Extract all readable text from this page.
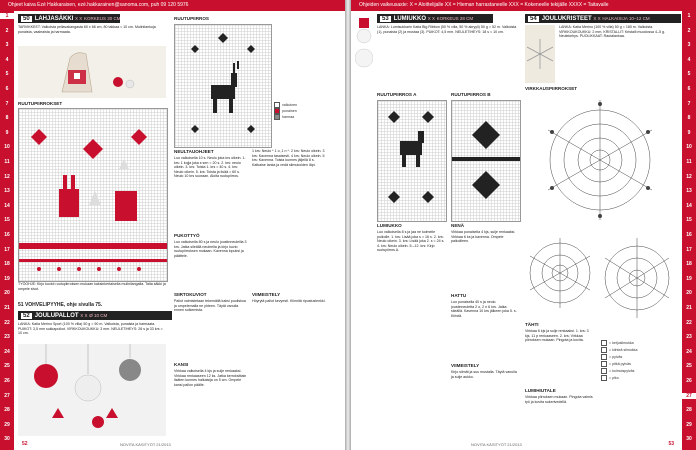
Ohjeet kaiva Ezé Hakkaraisen, ezé.hakkarainen@sanoma.com, puh 09 120 5976
1
2
3
4
5
6
7
8
9
10
11
12
13
14
15
16
17
18
19
20
21
22
23
24
25
26
27
28
29
30
50 LAHJASÄKKI X X KORKEUS 30 CM
TARVIKKEET: Valkoista pellavakangasta 60 x 66 cm, 80 takkaa = 10 cm. Mulinilankoja punaista, vaaleaista ja harmaata.
RUUTUPIIRROKSET
TYÖOHJE: Kirjo kuviot ruutupiirroksen mukaan kaksinkertaisella mulinilangalla. Taita säkki ja ompele sivut.
51 VOHVELIPYYHE, ohje sivulla 75.
52 JOULUPALLOT X X Ø 10 CM
LANKA: Katia Merino Sport (100 % villa) 50 g = 90 m. Valkoista, punaista ja harmaata. PUIKOT: 3,5 mm sukkapuikot. VIRKKOUKOUKKU: 3 mm. NEULETIHEYS: 26 s ja 33 krs = 10 cm.
RUUTUPIIRROS
valkoinen
punainen
harmaa
NEULTAUOHJEET
Luo valkoisella 10 s. Neulo joka krs oikein. 1. krs: 1 kojja joka s sen = 20 s. 2. krs: neulo oikein. 3. krs: Toista 1. krs = 40 s. 4. krs: Neulo oikein. 5. krs: Toista ja lisää = 60 s. Neulo 10 krs suoraan. Aloita ruutupiirros.
PUKOTTYÖ
Luo valkoisella 80 s ja neulo joustinneuleilla 3 krs. Jatka sileällä neuleella ja kirjo kuvio ruutupiirroksen mukaan. Kavenna lopuksi ja päättele.
SIIRTOKUVIOT
Pallot valmistetaan tekemällä kaksi puoliskoa ja ompelemalla ne yhteen. Täytä vanulla ennen sulkemista.
KANSI
Virkkaa valkoisella 4 kjs ja sulje renkaaksi. Virkkaa renkaaseen 12 ks. Jatka kerroksittain lisäten kunnes halkaisija on 5 cm. Ompele kansi pallon päälle.
1 krs: Neulo * 1 o, 1 n *. 2 krs: Neulo oikein. 3 krs: Kavenna tasaisesti. 4 krs: Neulo oikein. 5 krs: Kavenna. Toista kunnes jäljellä 8 s. Katkaise lanka ja vedä silmukoiden läpi.
VIIMEISTELY
Höyrytä pallot kevyesti. Kiinnitä ripustuslenkki.
NOVITA KÄSITYÖT 21/2013
52
Ohjeiden vaikeusaste: X = Aloittelijalle XX = Hieman harrastaneelle XXX = Kokeneelle tekijälle XXXX = Taitavalle
1
2
3
4
5
6
7
8
9
10
11
12
13
14
15
16
17
18
19
20
21
22
23
24
25
26
27
28
29
30
53 LUMIUKKO X X KORKEUS 28 CM
LANKA: Lumisukkarin Katia Big Ribbon (50 % villa, 50 % akryyli) 50 g = 52 m. Valkoista (1), punaista (2) ja mustaa (3). PUIKOT: 4,5 mm. NEULETIHEYS: 18 s = 10 cm.
RUUTUPIIRROS A	RUUTUPIIRROS B
LUMIUKKO
Luo valkoisella 8 s ja jaa ne kolmelle puikolle. 1. krs: Lisää joka s = 16 s. 2. krs: Neulo oikein. 3. krs: Lisää joka 2. s = 24 s. 4. krs: Neulo oikein. 5.–12. krs: Kirjo ruutupiirros A.
NENÄ
Virkkaa punaisella 4 kjs, sulje renkaaksi. Virkkaa 6 ks ja kavenna. Ompele paikoilleen.
HATTU
Luo punaisella 40 s ja neulo joustinneuletta 2 o, 2 n 6 krs. Jatka sileällä. Kavenna 10 krs jälkeen joka 5. s. Kiristä.
VIIMEISTELY
Kirjo silmät ja suu mustalla. Täytä vanulla ja sulje aukko.
54 JOULUKRISTEET X X HALKAISIJA 10–12 CM
LANKA: Katia Merino (100 % villa) 50 g = 180 m. Valkoista. VIRKKOUKOUKKU: 2 mm. KRISTALLIT: Kristalli muodossa 4–5 g. Neulekehys. PUOLIKKAAT: Rautalankaa.
VIRKKAUSPIIRROKSET
TÄHTI
Virkkaa 6 kjs ja sulje renkaaksi. 1. krs: 3 kjs, 11 p renkaaseen. 2. krs: Virkkaa piirroksen mukaan. Pingota ja kovita.
LUMIHIUTALE
Virkkaa piirroksen mukaan. Pingota valmis työ ja kovita sokerivedellä.
= ketjusilmukka
= kiinteä silmukka
= pylväs
= pitkä pylväs
= kolmoispylväs
= piko
NOVITA KÄSITYÖT 21/2013	53
